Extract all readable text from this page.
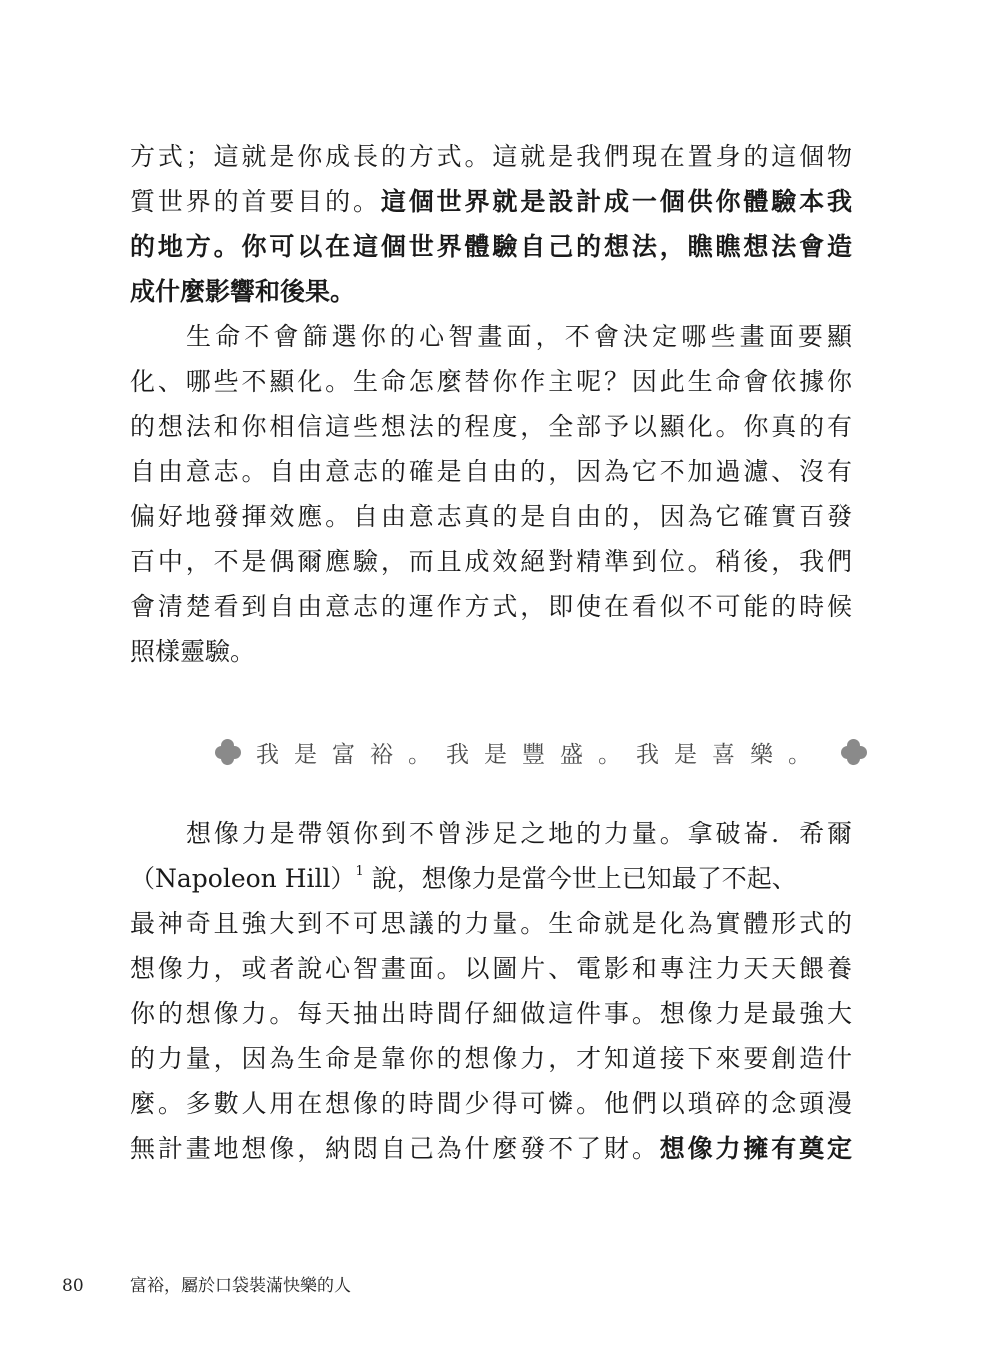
方式；這就是你成長的方式。這就是我們現在置身的這個物
質世界的首要目的。這個世界就是設計成一個供你體驗本我
的地方。你可以在這個世界體驗自己的想法，瞧瞧想法會造
成什麼影響和後果。
生命不會篩選你的心智畫面，不會決定哪些畫面要顯
化、哪些不顯化。生命怎麼替你作主呢？因此生命會依據你
的想法和你相信這些想法的程度，全部予以顯化。你真的有
自由意志。自由意志的確是自由的，因為它不加過濾、沒有
偏好地發揮效應。自由意志真的是自由的，因為它確實百發
百中，不是偶爾應驗，而且成效絕對精準到位。稍後，我們
會清楚看到自由意志的運作方式，即使在看似不可能的時候
照樣靈驗。
我是富裕。我是豐盛。我是喜樂。
想像力是帶領你到不曾涉足之地的力量。拿破崙．希爾
（Napoleon Hill）$^1$ 說，想像力是當今世上已知最了不起、
最神奇且強大到不可思議的力量。生命就是化為實體形式的
想像力，或者說心智畫面。以圖片、電影和專注力天天餵養
你的想像力。每天抽出時間仔細做這件事。想像力是最強大
的力量，因為生命是靠你的想像力，才知道接下來要創造什
麼。多數人用在想像的時間少得可憐。他們以瑣碎的念頭漫
無計畫地想像，納悶自己為什麼發不了財。想像力擁有奠定
80	富裕，屬於口袋裝滿快樂的人
